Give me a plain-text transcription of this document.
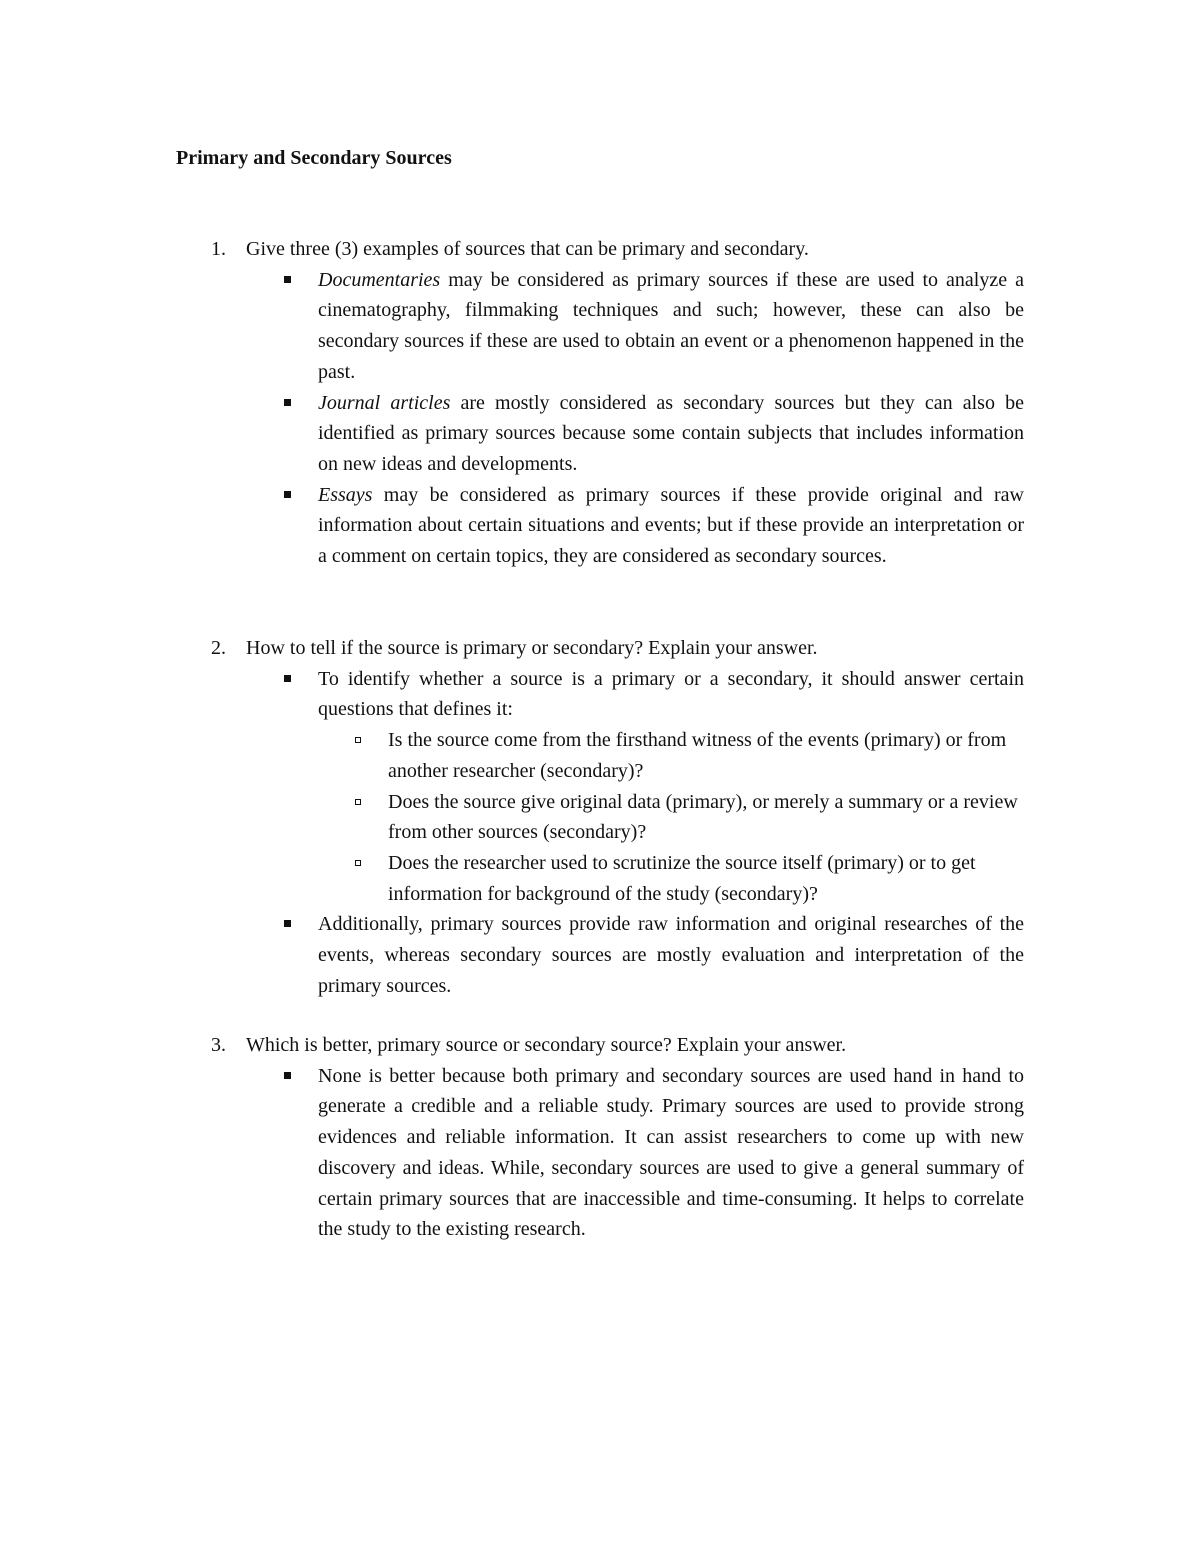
Primary and Secondary Sources
1. Give three (3) examples of sources that can be primary and secondary.
Documentaries may be considered as primary sources if these are used to analyze a cinematography, filmmaking techniques and such; however, these can also be secondary sources if these are used to obtain an event or a phenomenon happened in the past.
Journal articles are mostly considered as secondary sources but they can also be identified as primary sources because some contain subjects that includes information on new ideas and developments.
Essays may be considered as primary sources if these provide original and raw information about certain situations and events; but if these provide an interpretation or a comment on certain topics, they are considered as secondary sources.
2. How to tell if the source is primary or secondary? Explain your answer.
To identify whether a source is a primary or a secondary, it should answer certain questions that defines it:
Is the source come from the firsthand witness of the events (primary) or from another researcher (secondary)?
Does the source give original data (primary), or merely a summary or a review from other sources (secondary)?
Does the researcher used to scrutinize the source itself (primary) or to get information for background of the study (secondary)?
Additionally, primary sources provide raw information and original researches of the events, whereas secondary sources are mostly evaluation and interpretation of the primary sources.
3. Which is better, primary source or secondary source? Explain your answer.
None is better because both primary and secondary sources are used hand in hand to generate a credible and a reliable study. Primary sources are used to provide strong evidences and reliable information. It can assist researchers to come up with new discovery and ideas. While, secondary sources are used to give a general summary of certain primary sources that are inaccessible and time-consuming. It helps to correlate the study to the existing research.
